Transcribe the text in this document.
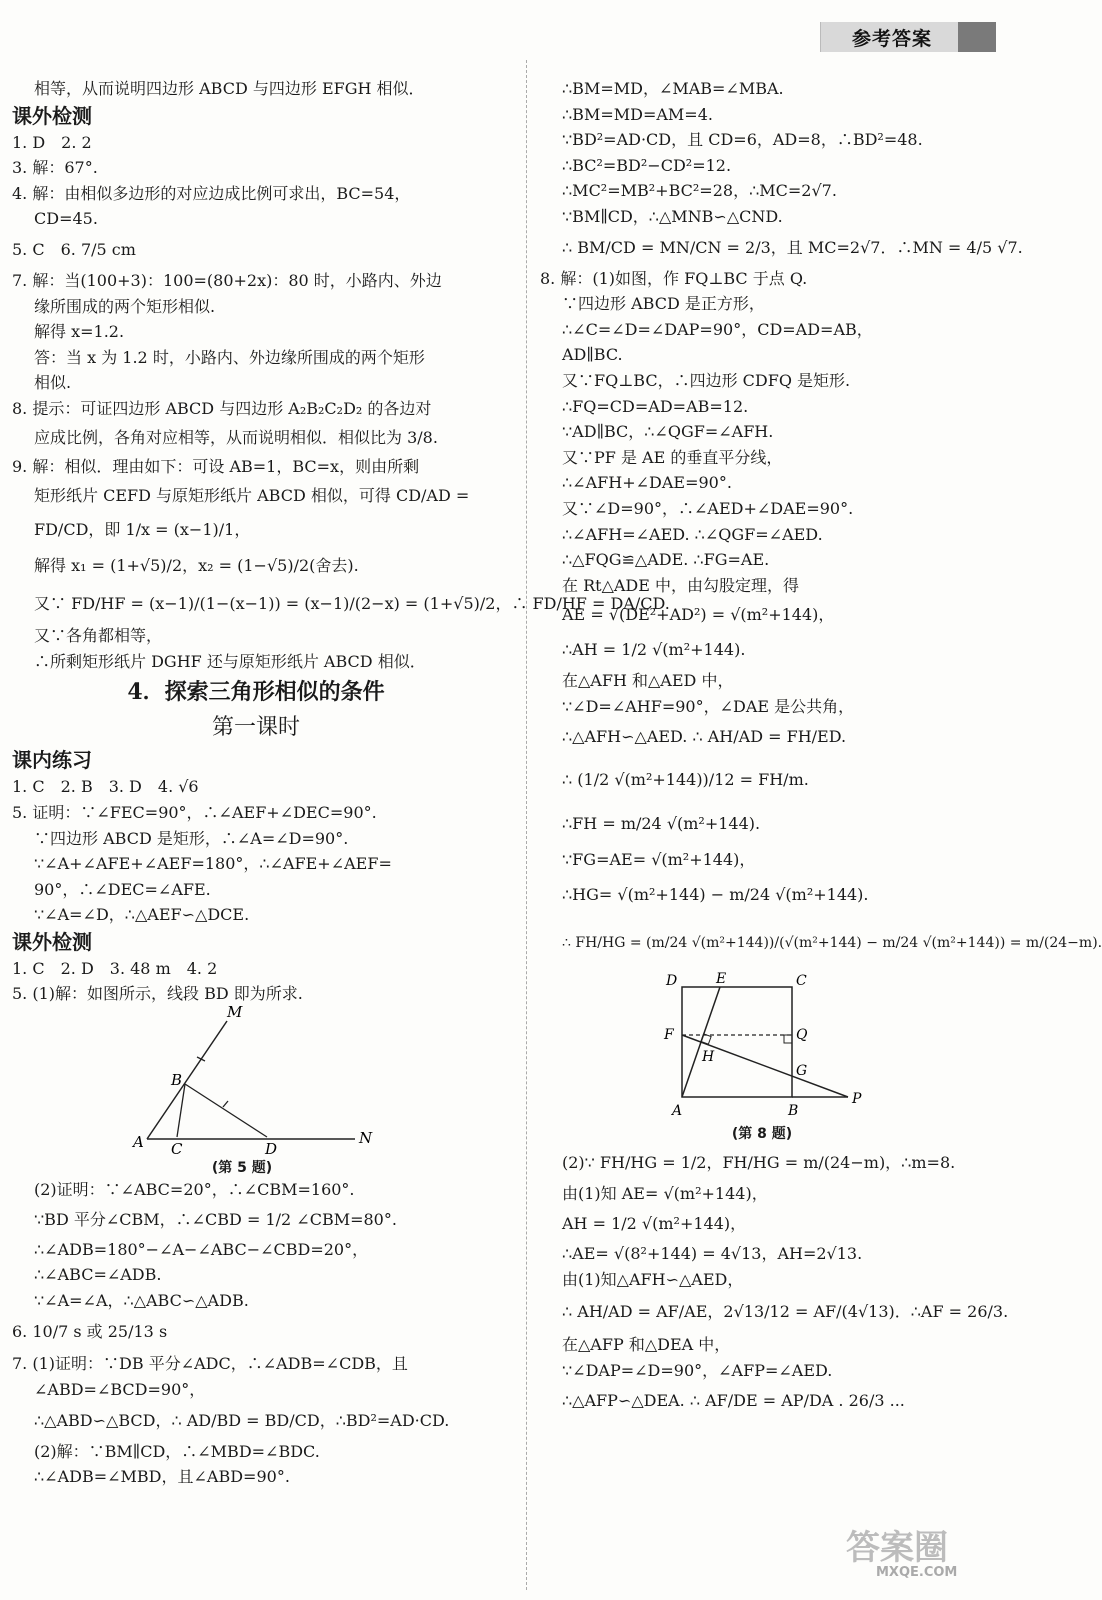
参考答案
相等，从而说明四边形 ABCD 与四边形 EFGH 相似．
课外检测
1. D　2. 2
3. 解：67°.
4. 解：由相似多边形的对应边成比例可求出，BC=54，
CD=45.
5. C　6. 7/5 cm
7. 解：当(100+3)：100=(80+2x)：80 时，小路内、外边
缘所围成的两个矩形相似.
解得 x=1.2.
答：当 x 为 1.2 时，小路内、外边缘所围成的两个矩形
相似.
8. 提示：可证四边形 ABCD 与四边形 A₂B₂C₂D₂ 的各边对
应成比例，各角对应相等，从而说明相似．相似比为 3/8.
9. 解：相似．理由如下：可设 AB=1，BC=x，则由所剩
矩形纸片 CEFD 与原矩形纸片 ABCD 相似，可得 CD/AD =
FD/CD，即 1/x = (x−1)/1，
解得 x₁ = (1+√5)/2，x₂ = (1−√5)/2(舍去).
又∵ FD/HF = (x−1)/(1−(x−1)) = (x−1)/(2−x) = (1+√5)/2，∴ FD/HF = DA/CD.
又∵各角都相等，
∴所剩矩形纸片 DGHF 还与原矩形纸片 ABCD 相似．
4．探索三角形相似的条件
第一课时
课内练习
1. C　2. B　3. D　4. √6
5. 证明：∵∠FEC=90°，∴∠AEF+∠DEC=90°.
∵四边形 ABCD 是矩形，∴∠A=∠D=90°.
∵∠A+∠AFE+∠AEF=180°，∴∠AFE+∠AEF=
90°，∴∠DEC=∠AFE.
∵∠A=∠D，∴△AEF∽△DCE.
课外检测
1. C　2. D　3. 48 m　4. 2
5. (1)解：如图所示，线段 BD 即为所求.
M
B
A C	D
N
(第 5 题)
(2)证明：∵∠ABC=20°，∴∠CBM=160°.
∵BD 平分∠CBM，∴∠CBD = 1/2 ∠CBM=80°.
∴∠ADB=180°−∠A−∠ABC−∠CBD=20°，
∴∠ABC=∠ADB.
∵∠A=∠A，∴△ABC∽△ADB.
6. 10/7 s 或 25/13 s
7. (1)证明：∵DB 平分∠ADC，∴∠ADB=∠CDB，且
∠ABD=∠BCD=90°，
∴△ABD∽△BCD，∴ AD/BD = BD/CD，∴BD²=AD·CD.
(2)解：∵BM∥CD，∴∠MBD=∠BDC.
∴∠ADB=∠MBD，且∠ABD=90°.
∴BM=MD，∠MAB=∠MBA.
∴BM=MD=AM=4.
∵BD²=AD·CD，且 CD=6，AD=8，∴BD²=48.
∴BC²=BD²−CD²=12.
∴MC²=MB²+BC²=28，∴MC=2√7.
∵BM∥CD，∴△MNB∽△CND.
∴ BM/CD = MN/CN = 2/3，且 MC=2√7．∴MN = 4/5 √7.
8. 解：(1)如图，作 FQ⊥BC 于点 Q.
∵四边形 ABCD 是正方形，
∴∠C=∠D=∠DAP=90°，CD=AD=AB，
AD∥BC.
又∵FQ⊥BC，∴四边形 CDFQ 是矩形.
∴FQ=CD=AD=AB=12.
∵AD∥BC，∴∠QGF=∠AFH.
又∵PF 是 AE 的垂直平分线，
∴∠AFH+∠DAE=90°.
又∵∠D=90°，∴∠AED+∠DAE=90°.
∴∠AFH=∠AED. ∴∠QGF=∠AED.
∴△FQG≌△ADE. ∴FG=AE.
在 Rt△ADE 中，由勾股定理，得
AE = √(DE²+AD²) = √(m²+144)，
∴AH = 1/2 √(m²+144).
在△AFH 和△AED 中，
∵∠D=∠AHF=90°，∠DAE 是公共角，
∴△AFH∽△AED. ∴ AH/AD = FH/ED.
∴ (1/2 √(m²+144))/12 = FH/m.
∴FH = m/24 √(m²+144).
∵FG=AE= √(m²+144)，
∴HG= √(m²+144) − m/24 √(m²+144).
∴ FH/HG = (m/24 √(m²+144))/(√(m²+144) − m/24 √(m²+144)) = m/(24−m).
D	E	C
F	Q
H
G
A	B
P
(第 8 题)
(2)∵ FH/HG = 1/2，FH/HG = m/(24−m)，∴m=8.
由(1)知 AE= √(m²+144)，
AH = 1/2 √(m²+144)，
∴AE= √(8²+144) = 4√13，AH=2√13.
由(1)知△AFH∽△AED，
∴ AH/AD = AF/AE，2√13/12 = AF/(4√13)．∴AF = 26/3.
在△AFP 和△DEA 中，
∵∠DAP=∠D=90°，∠AFP=∠AED.
∴△AFP∽△DEA. ∴ AF/DE = AP/DA . 26/3 ...
答案圈
MXQE.COM
